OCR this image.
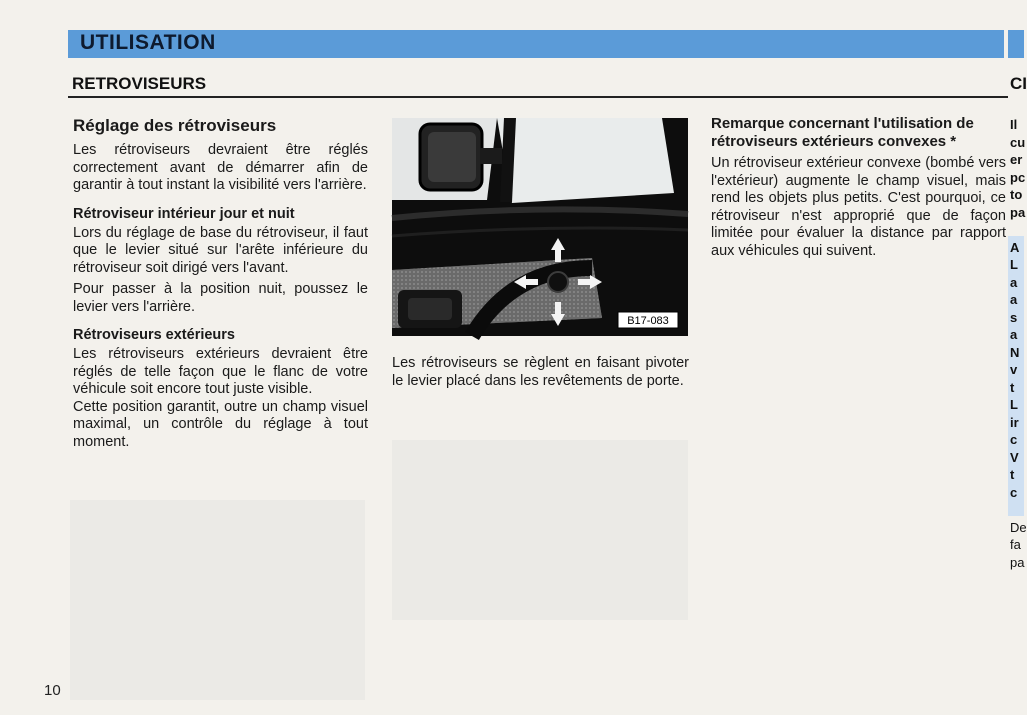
UTILISATION
RETROVISEURS	CI
Réglage des rétroviseurs

Les rétroviseurs devraient être réglés correctement avant de démarrer afin de garantir à tout instant la visibilité vers l'arrière.

Rétroviseur intérieur jour et nuit

Lors du réglage de base du rétroviseur, il faut que le levier situé sur l'arête inférieure du rétroviseur soit dirigé vers l'avant.

Pour passer à la position nuit, poussez le levier vers l'arrière.

Rétroviseurs extérieurs

Les rétroviseurs extérieurs devraient être réglés de telle façon que le flanc de votre véhicule soit encore tout juste visible.

Cette position garantit, outre un champ visuel maximal, un contrôle du réglage à tout moment.

B17-083
Les rétroviseurs se règlent en faisant pivoter le levier placé dans les revêtements de porte.
Remarque concernant l'utilisation de rétroviseurs extérieurs convexes *

Un rétroviseur extérieur convexe (bombé vers l'extérieur) augmente le champ visuel, mais rend les objets plus petits. C'est pourquoi, ce rétroviseur n'est approprié que de façon limitée pour évaluer la distance par rapport aux véhicules qui suivent.

Il
cu
er
pc
to
pa
A
L
a
a
s
a
N
v
t
L
ir
c
V
t
c
De
fa
pa
10
